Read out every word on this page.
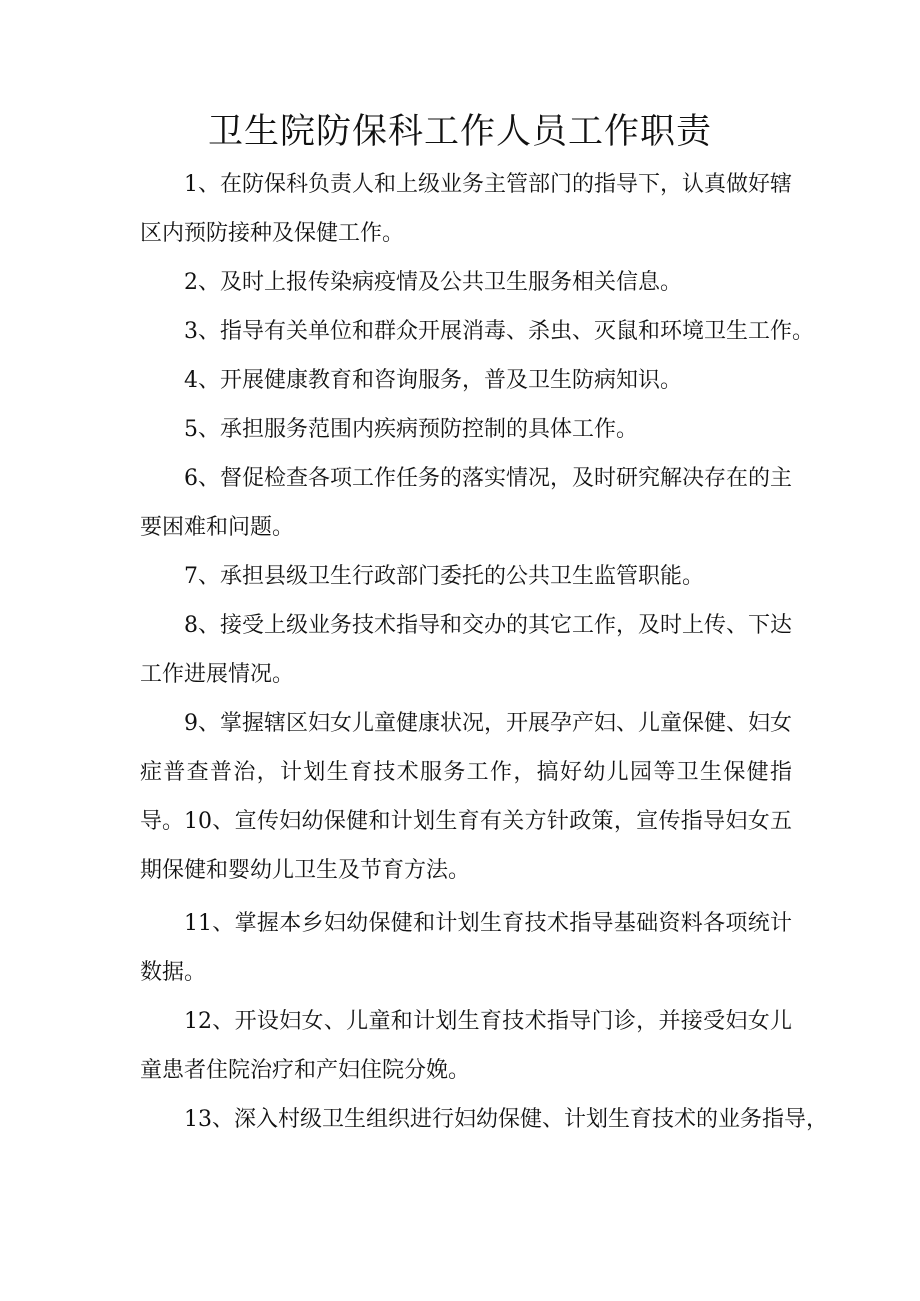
卫生院防保科工作人员工作职责

1、在防保科负责人和上级业务主管部门的指导下，认真做好辖区内预防接种及保健工作。

2、及时上报传染病疫情及公共卫生服务相关信息。

3、指导有关单位和群众开展消毒、杀虫、灭鼠和环境卫生工作。

4、开展健康教育和咨询服务，普及卫生防病知识。

5、承担服务范围内疾病预防控制的具体工作。

6、督促检查各项工作任务的落实情况，及时研究解决存在的主要困难和问题。

7、承担县级卫生行政部门委托的公共卫生监管职能。

8、接受上级业务技术指导和交办的其它工作，及时上传、下达工作进展情况。

9、掌握辖区妇女儿童健康状况，开展孕产妇、儿童保健、妇女症普查普治，计划生育技术服务工作，搞好幼儿园等卫生保健指导。 10、宣传妇幼保健和计划生育有关方针政策，宣传指导妇女五期保健和婴幼儿卫生及节育方法。

11、掌握本乡妇幼保健和计划生育技术指导基础资料各项统计数据。

12、开设妇女、儿童和计划生育技术指导门诊，并接受妇女儿童患者住院治疗和产妇住院分娩。

13、深入村级卫生组织进行妇幼保健、计划生育技术的业务指导，
